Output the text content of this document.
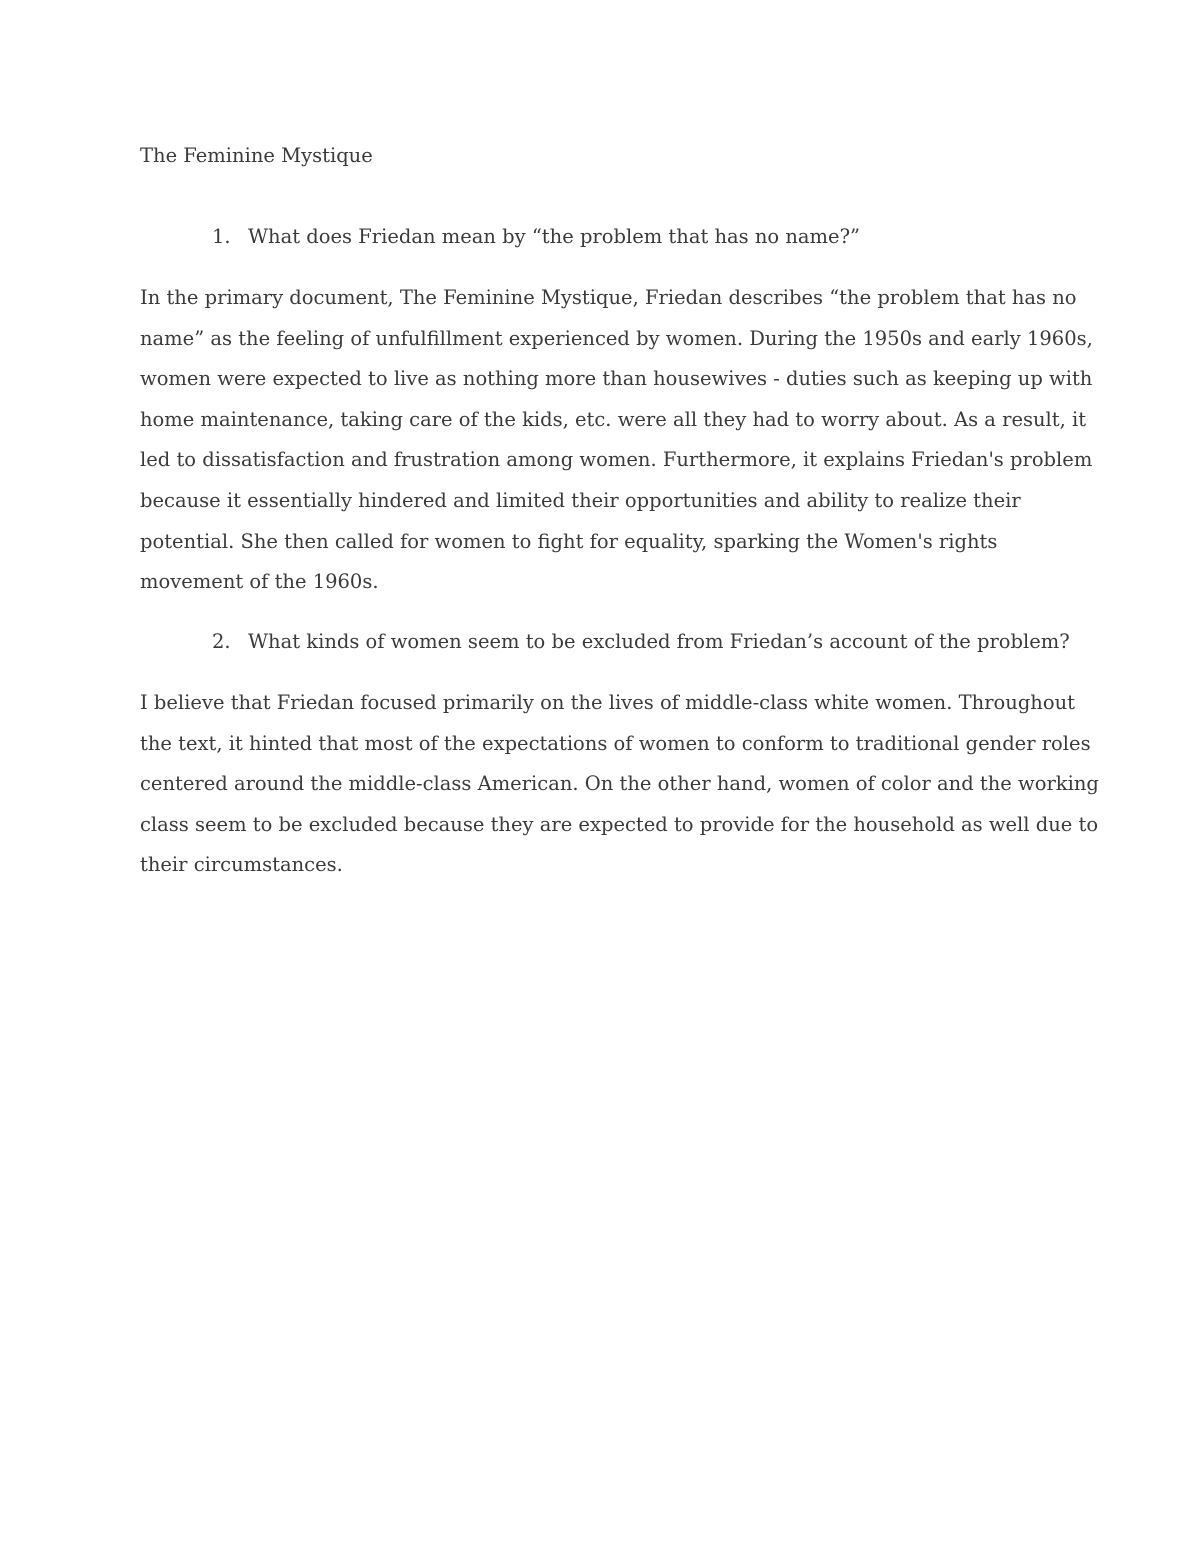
The Feminine Mystique
1. What does Friedan mean by “the problem that has no name?”

In the primary document, The Feminine Mystique, Friedan describes “the problem that has no
name” as the feeling of unfulfillment experienced by women. During the 1950s and early 1960s,
women were expected to live as nothing more than housewives - duties such as keeping up with
home maintenance, taking care of the kids, etc. were all they had to worry about. As a result, it
led to dissatisfaction and frustration among women. Furthermore, it explains Friedan's problem
because it essentially hindered and limited their opportunities and ability to realize their
potential. She then called for women to fight for equality, sparking the Women's rights
movement of the 1960s.

2. What kinds of women seem to be excluded from Friedan’s account of the problem?

I believe that Friedan focused primarily on the lives of middle-class white women. Throughout
the text, it hinted that most of the expectations of women to conform to traditional gender roles
centered around the middle-class American. On the other hand, women of color and the working
class seem to be excluded because they are expected to provide for the household as well due to
their circumstances.
